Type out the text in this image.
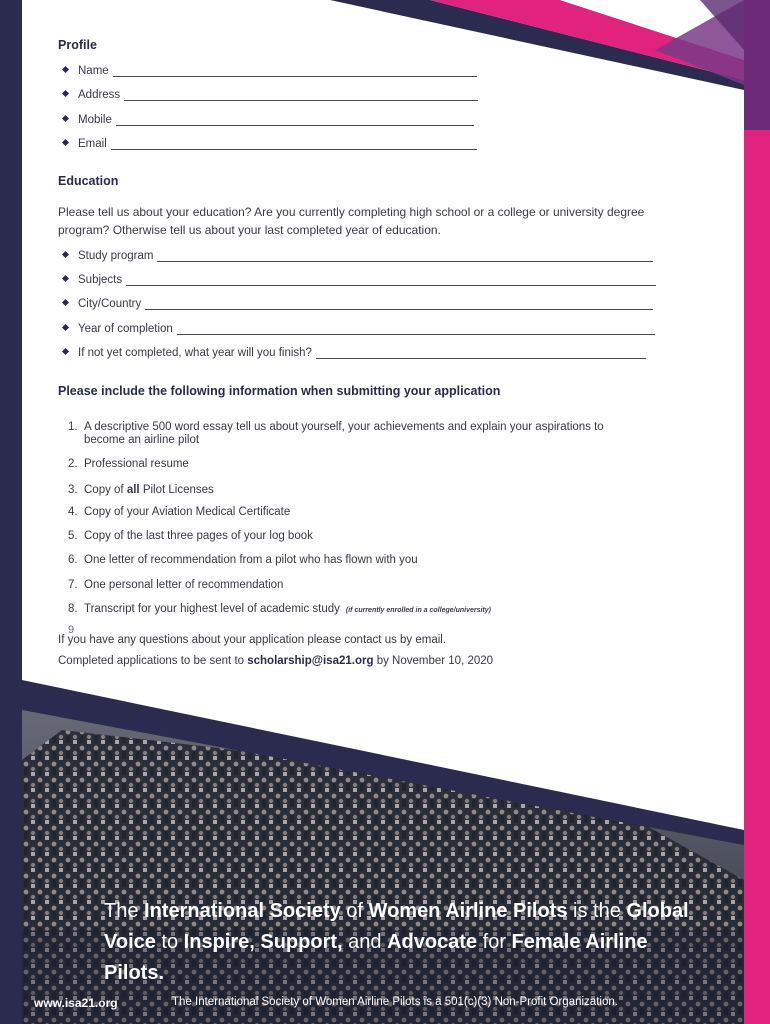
Profile
Name
Address
Mobile
Email
Education
Please tell us about your education? Are you currently completing high school or a college or university degree program? Otherwise tell us about your last completed year of education.
Study program
Subjects
City/Country
Year of completion
If not yet completed, what year will you finish?
Please include the following information when submitting your application
1. A descriptive 500 word essay tell us about yourself, your achievements and explain your aspirations to become an airline pilot
2. Professional resume
3. Copy of all Pilot Licenses
4. Copy of your Aviation Medical Certificate
5. Copy of the last three pages of your log book
6. One letter of recommendation from a pilot who has flown with you
7. One personal letter of recommendation
8. Transcript for your highest level of academic study (if currently enrolled in a college/university)
If you have any questions about your application please contact us by email.
9
Completed applications to be sent to scholarship@isa21.org by November 10, 2020
The International Society of Women Airline Pilots is the Global Voice to Inspire, Support, and Advocate for Female Airline Pilots.
www.isa21.org	The International Society of Women Airline Pilots is a 501(c)(3) Non-Profit Organization.
